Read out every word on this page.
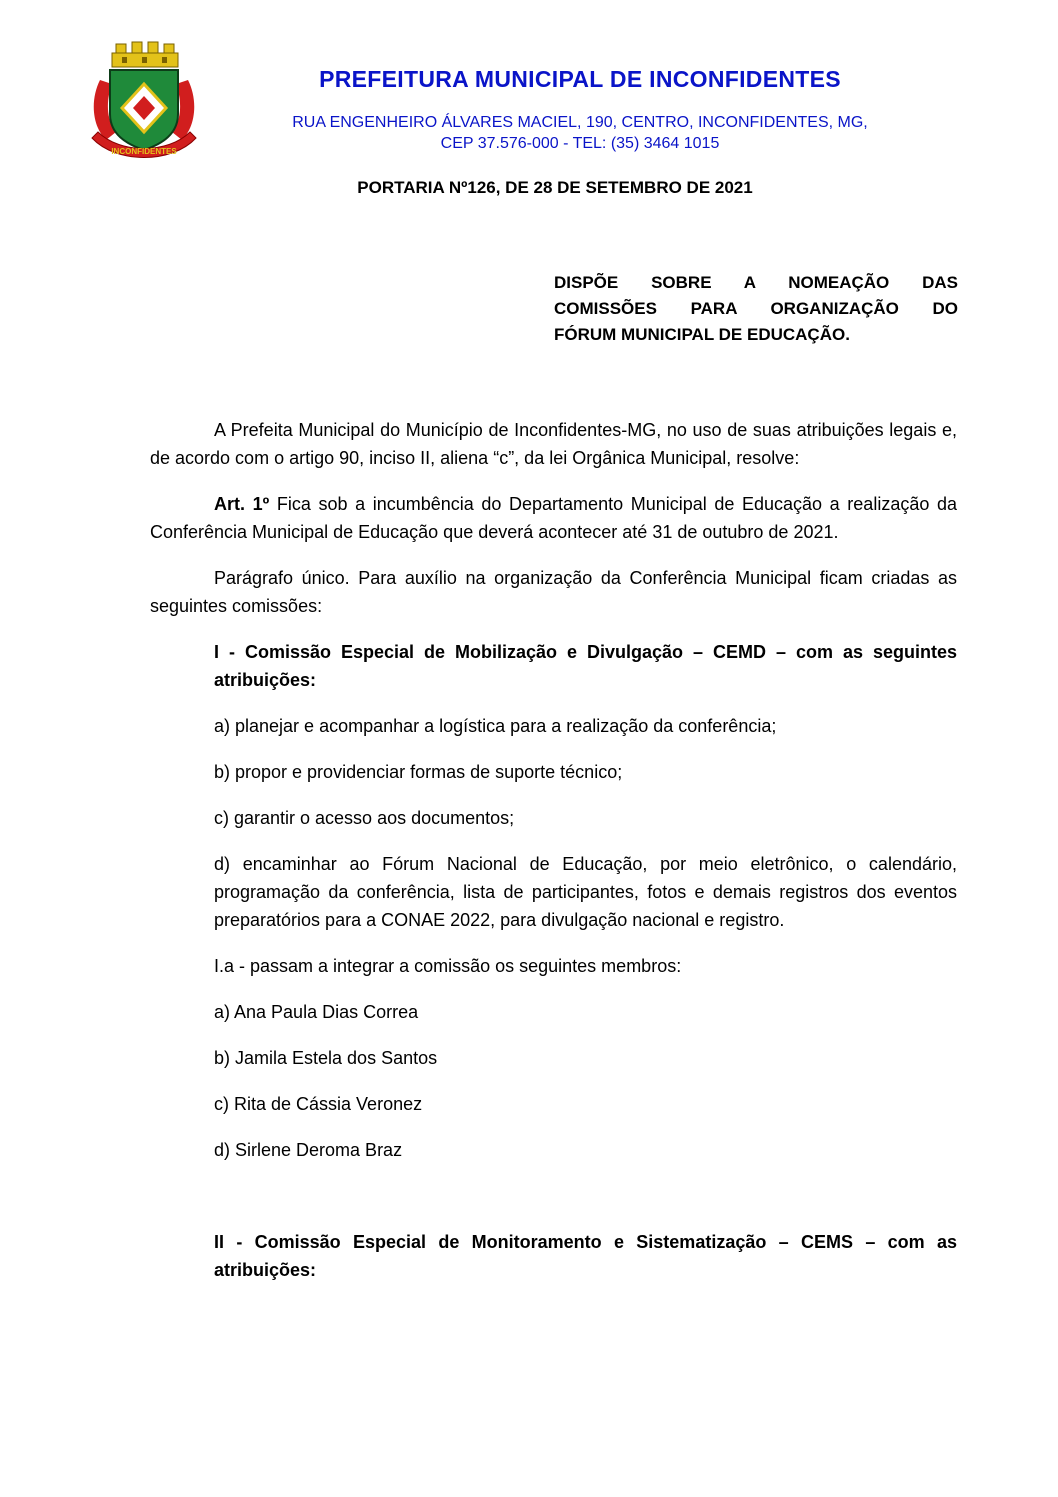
INCONFIDENTES
PREFEITURA MUNICIPAL DE INCONFIDENTES
RUA ENGENHEIRO ÁLVARES MACIEL, 190, CENTRO, INCONFIDENTES, MG,
CEP 37.576-000 - TEL: (35) 3464 1015
PORTARIA Nº126, DE 28 DE SETEMBRO DE 2021
DISPÕE SOBRE A NOMEAÇÃO DAS
COMISSÕES PARA ORGANIZAÇÃO DO
FÓRUM MUNICIPAL DE EDUCAÇÃO.

A Prefeita Municipal do Município de Inconfidentes-MG, no uso de suas atribuições legais e, de acordo com o artigo 90, inciso II, aliena “c”, da lei Orgânica Municipal, resolve:

Art. 1º Fica sob a incumbência do Departamento Municipal de Educação a realização da Conferência Municipal de Educação que deverá acontecer até 31 de outubro de 2021.

Parágrafo único. Para auxílio na organização da Conferência Municipal ficam criadas as seguintes comissões:

I - Comissão Especial de Mobilização e Divulgação – CEMD – com as seguintes atribuições:

a) planejar e acompanhar a logística para a realização da conferência;

b) propor e providenciar formas de suporte técnico;

c) garantir o acesso aos documentos;

d) encaminhar ao Fórum Nacional de Educação, por meio eletrônico, o calendário, programação da conferência, lista de participantes, fotos e demais registros dos eventos preparatórios para a CONAE 2022, para divulgação nacional e registro.

I.a - passam a integrar a comissão os seguintes membros:

a) Ana Paula Dias Correa

b) Jamila Estela dos Santos

c) Rita de Cássia Veronez

d) Sirlene Deroma Braz

II - Comissão Especial de Monitoramento e Sistematização – CEMS – com as atribuições:
